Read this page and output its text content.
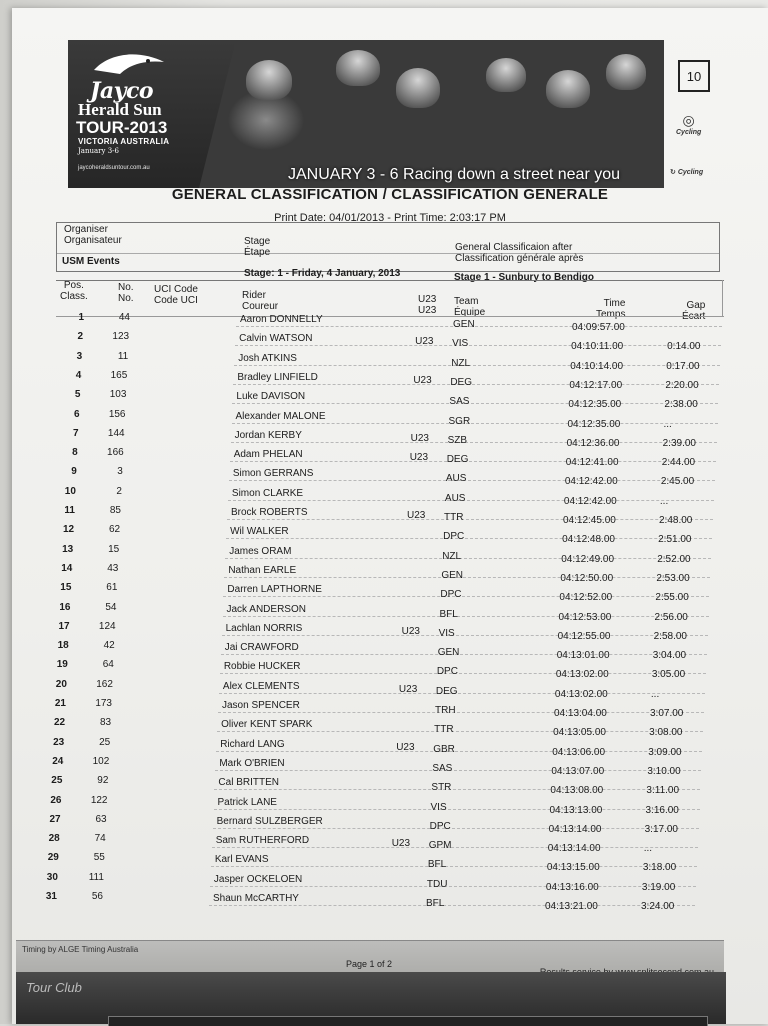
Jayco
Herald Sun
TOUR-2013
VICTORIA AUSTRALIA
January 3-6
jaycoheraldsuntour.com.au	JANUARY 3 - 6 Racing down a street near you
10
◎
Cycling
↻ Cycling
GENERAL CLASSIFICATION / CLASSIFICATION GENERALE
Print Date: 04/01/2013 - Print Time: 2:03:17 PM
Organiser
Organisateur
USM Events
Stage
Étape
Stage: 1 - Friday, 4 January, 2013
General Classificaion after
Classification générale après
Stage 1 - Sunbury to Bendigo
Pos.
Class.
No.
No.
UCI Code
Code UCI	Rider
Coureur
U23
U23
Team
Équipe
Time
Temps
Gap
Écart
1	44	Aaron DONNELLY	GEN	04:09:57.00
2	123	Calvin WATSON	U23 VIS	04:10:11.00	0:14.00
3	11	Josh ATKINS	NZL	04:10:14.00	0:17.00
4	165	Bradley LINFIELD	U23 DEG	04:12:17.00	2:20.00
5	103	Luke DAVISON	SAS	04:12:35.00	2:38.00
6	156	Alexander MALONE	SGR	04:12:35.00	...
7	144	Jordan KERBY	U23 SZB	04:12:36.00	2:39.00
8	166	Adam PHELAN	U23 DEG	04:12:41.00	2:44.00
9	3	Simon GERRANS	AUS	04:12:42.00	2:45.00
10	2	Simon CLARKE	AUS	04:12:42.00	...
11	85	Brock ROBERTS	U23 TTR	04:12:45.00	2:48.00
12	62	Wil WALKER	DPC	04:12:48.00	2:51.00
13	15	James ORAM	NZL	04:12:49.00	2:52.00
14	43	Nathan EARLE	GEN	04:12:50.00	2:53.00
15	61	Darren LAPTHORNE	DPC	04:12:52.00	2:55.00
16	54	Jack ANDERSON	BFL	04:12:53.00	2:56.00
17	124	Lachlan NORRIS	U23 VIS	04:12:55.00	2:58.00
18	42	Jai CRAWFORD	GEN	04:13:01.00	3:04.00
19	64	Robbie HUCKER	DPC	04:13:02.00	3:05.00
20	162	Alex CLEMENTS	U23 DEG	04:13:02.00	...
21	173	Jason SPENCER	TRH	04:13:04.00	3:07.00
22	83	Oliver KENT SPARK	TTR	04:13:05.00	3:08.00
23	25	Richard LANG	U23 GBR	04:13:06.00	3:09.00
24	102	Mark O'BRIEN	SAS	04:13:07.00	3:10.00
25	92	Cal BRITTEN	STR	04:13:08.00	3:11.00
26	122	Patrick LANE	VIS	04:13:13.00	3:16.00
27	63	Bernard SULZBERGER	DPC	04:13:14.00	3:17.00
28	74	Sam RUTHERFORD	U23 GPM	04:13:14.00	...
29	55	Karl EVANS	BFL	04:13:15.00	3:18.00
30	111	Jasper OCKELOEN	TDU	04:13:16.00	3:19.00
31	56	Shaun McCARTHY	BFL	04:13:21.00	3:24.00
Timing by ALGE Timing Australia
Page 1 of 2
Tour Club
